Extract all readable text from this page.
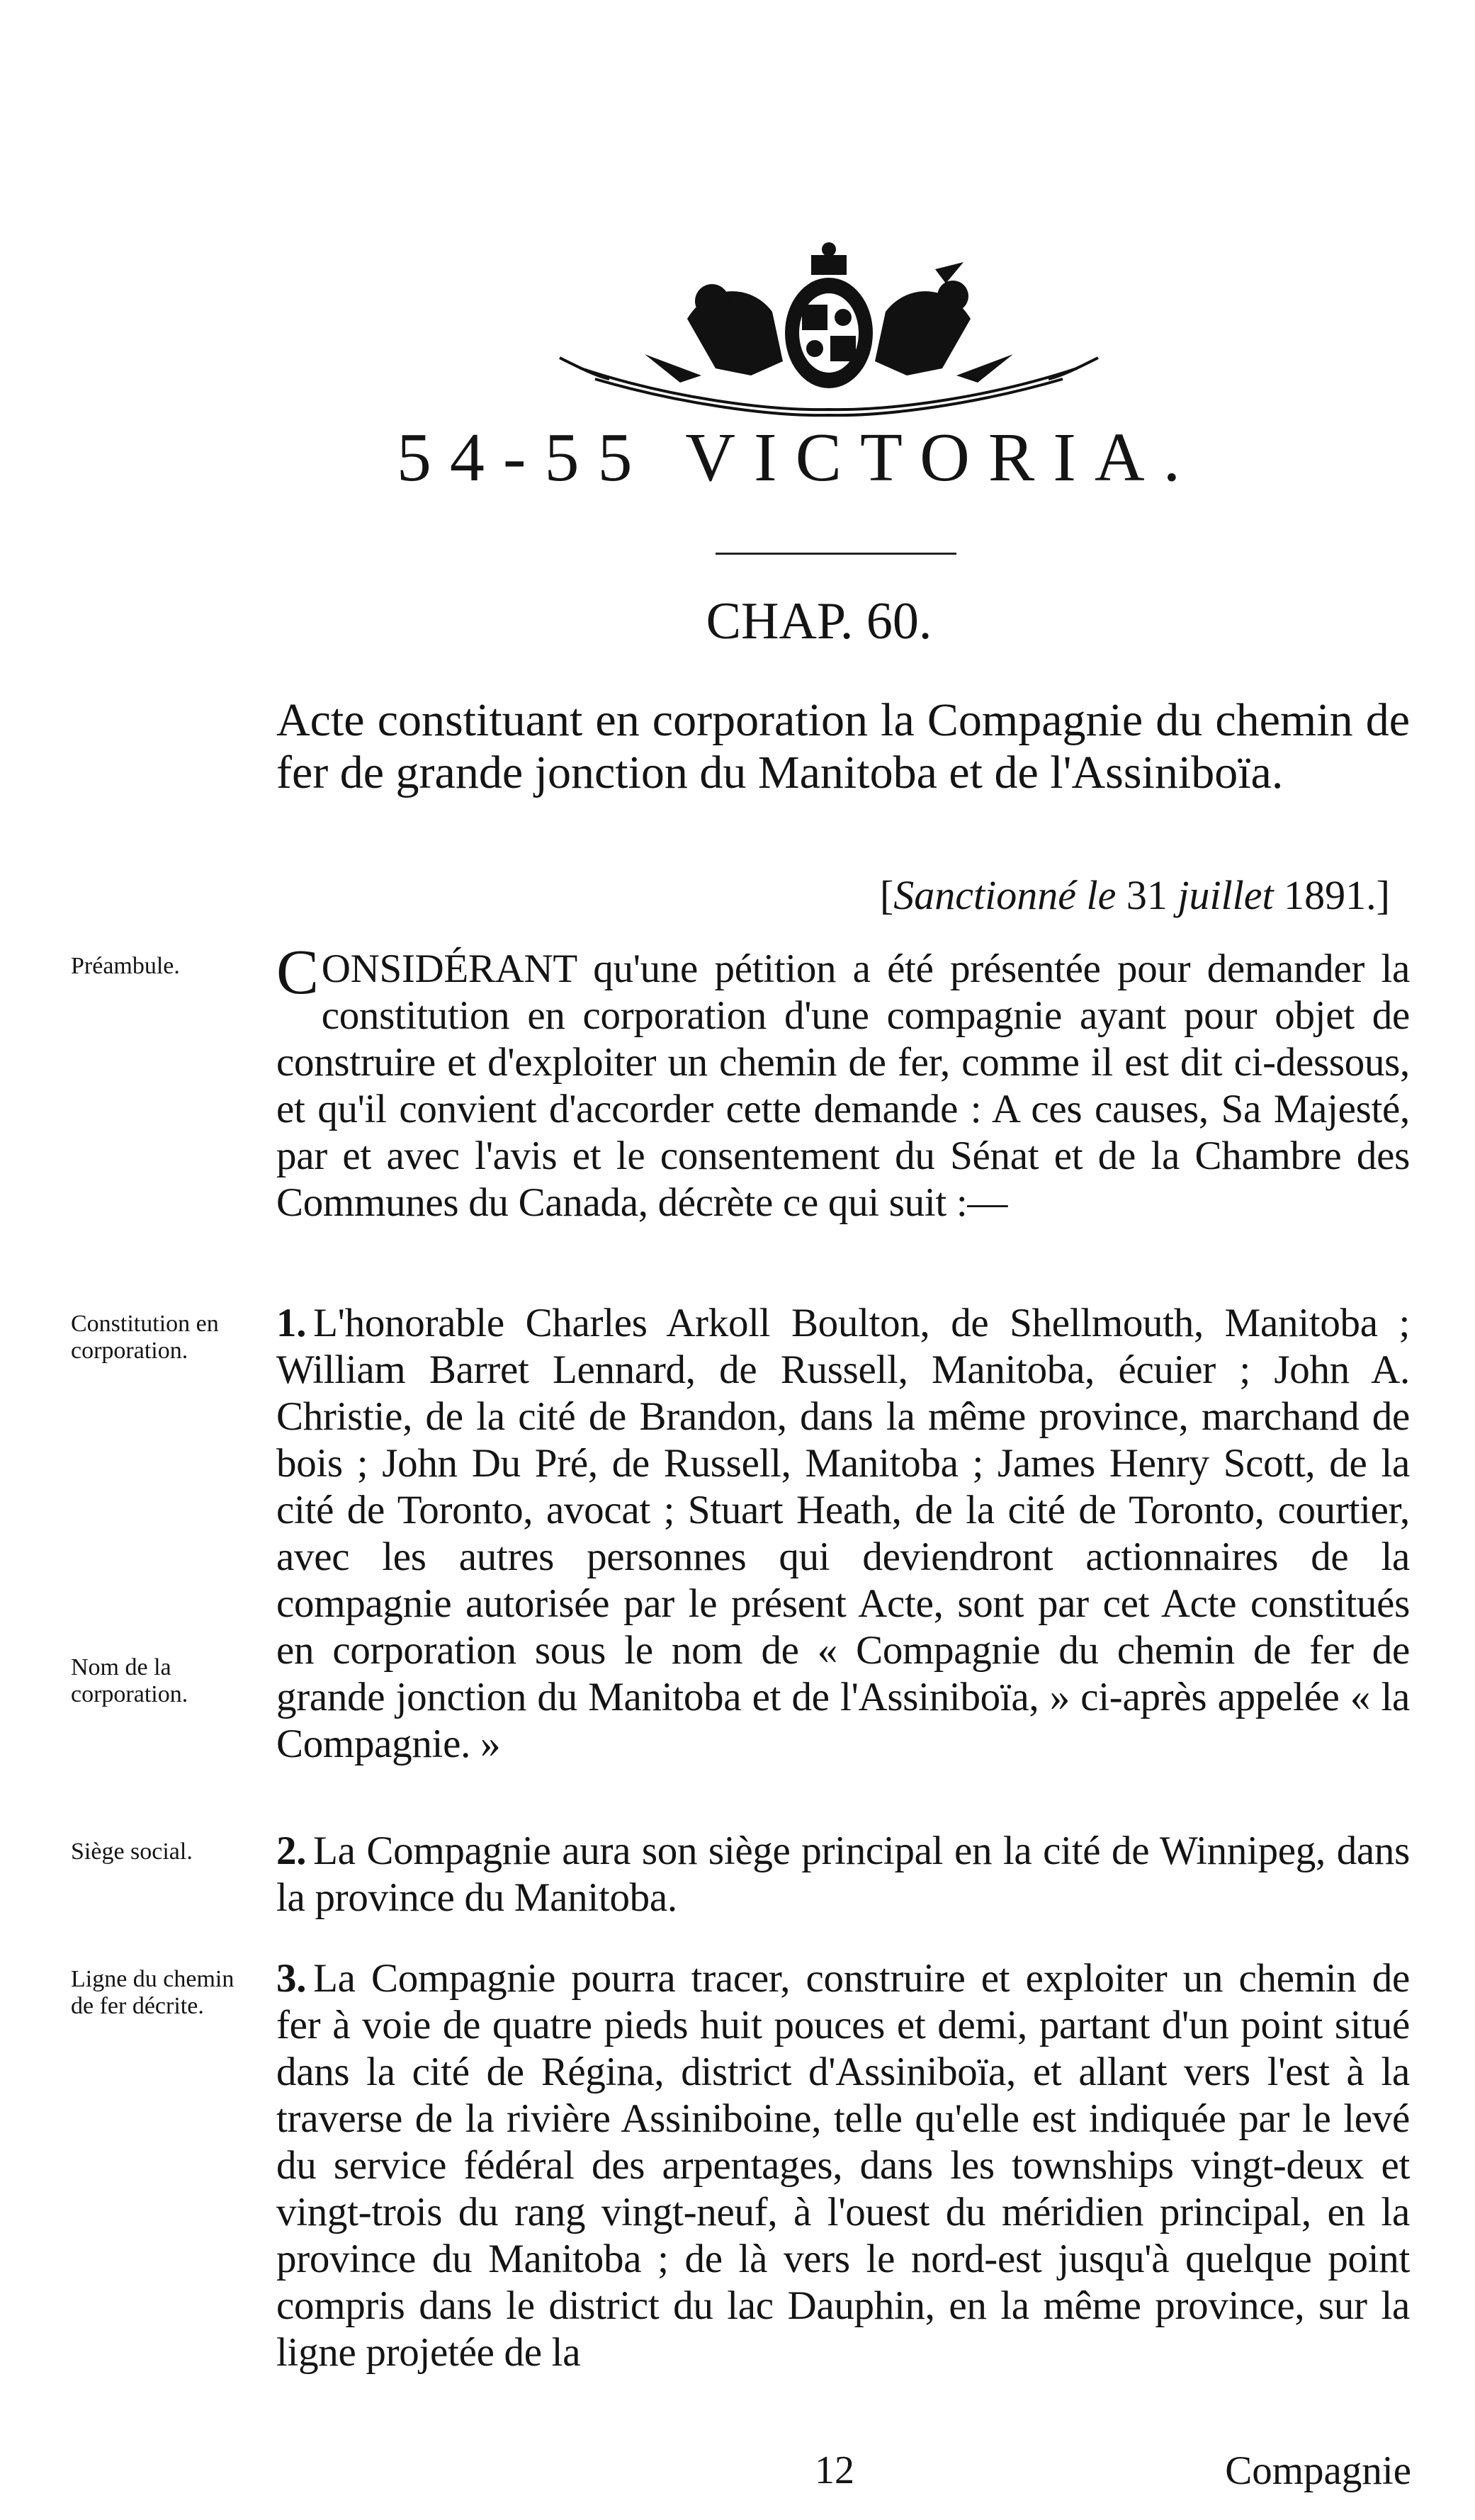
54-55 VICTORIA.
CHAP. 60.
Acte constituant en corporation la Compagnie du chemin de fer de grande jonction du Manitoba et de l'Assiniboïa.
[Sanctionné le 31 juillet 1891.]
Préambule.
Constitution en corporation.
Nom de la corporation.
Siège social.
Ligne du chemin de fer décrite.
CONSIDÉRANT qu'une pétition a été présentée pour demander la constitution en corporation d'une compagnie ayant pour objet de construire et d'exploiter un chemin de fer, comme il est dit ci-dessous, et qu'il convient d'accorder cette demande : A ces causes, Sa Majesté, par et avec l'avis et le consentement du Sénat et de la Chambre des Communes du Canada, décrète ce qui suit :—
1. L'honorable Charles Arkoll Boulton, de Shellmouth, Manitoba ; William Barret Lennard, de Russell, Manitoba, écuier ; John A. Christie, de la cité de Brandon, dans la même province, marchand de bois ; John Du Pré, de Russell, Manitoba ; James Henry Scott, de la cité de Toronto, avocat ; Stuart Heath, de la cité de Toronto, courtier, avec les autres personnes qui deviendront actionnaires de la compagnie autorisée par le présent Acte, sont par cet Acte constitués en corporation sous le nom de « Compagnie du chemin de fer de grande jonction du Manitoba et de l'Assiniboïa, » ci-après appelée « la Compagnie. »
2. La Compagnie aura son siège principal en la cité de Winnipeg, dans la province du Manitoba.
3. La Compagnie pourra tracer, construire et exploiter un chemin de fer à voie de quatre pieds huit pouces et demi, partant d'un point situé dans la cité de Régina, district d'Assiniboïa, et allant vers l'est à la traverse de la rivière Assiniboine, telle qu'elle est indiquée par le levé du service fédéral des arpentages, dans les townships vingt-deux et vingt-trois du rang vingt-neuf, à l'ouest du méridien principal, en la province du Manitoba ; de là vers le nord-est jusqu'à quelque point compris dans le district du lac Dauphin, en la même province, sur la ligne projetée de la
12	Compagnie
